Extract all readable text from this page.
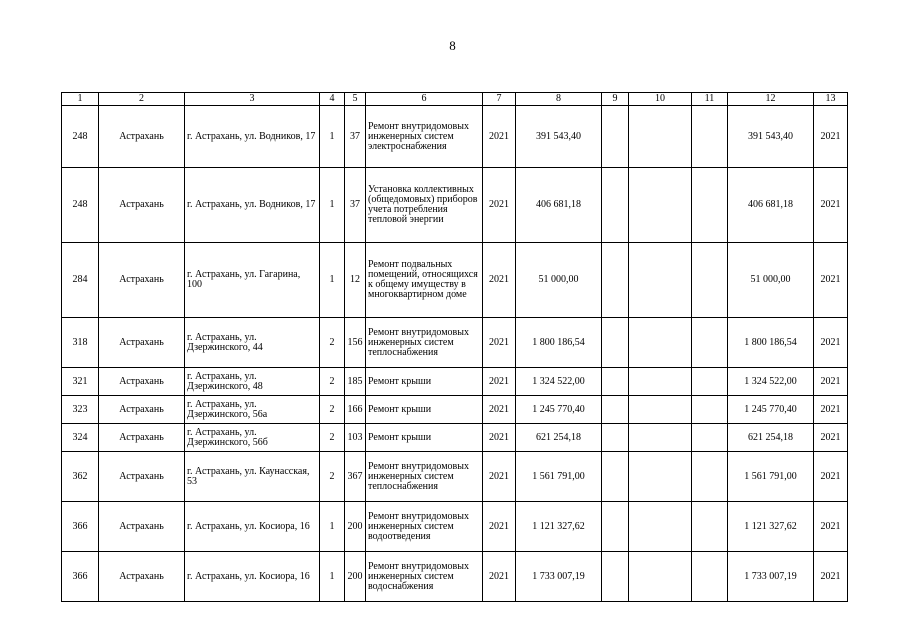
8
1	2	3	4	5	6	7	8	9	10	11	12	13
248	Астрахань	г. Астрахань, ул. Водников, 17	1	37	Ремонт внутридомовых инженерных систем электроснабжения	2021	391 543,40				391 543,40	2021
248	Астрахань	г. Астрахань, ул. Водников, 17	1	37	Установка коллективных (общедомовых) приборов учета потребления тепловой энергии	2021	406 681,18				406 681,18	2021
284	Астрахань	г. Астрахань, ул. Гагарина, 100	1	12	Ремонт подвальных помещений, относящихся к общему имуществу в многоквартирном доме	2021	51 000,00				51 000,00	2021
318	Астрахань	г. Астрахань, ул. Дзержинского, 44	2	156	Ремонт внутридомовых инженерных систем теплоснабжения	2021	1 800 186,54				1 800 186,54	2021
321	Астрахань	г. Астрахань, ул. Дзержинского, 48	2	185	Ремонт крыши	2021	1 324 522,00				1 324 522,00	2021
323	Астрахань	г. Астрахань, ул. Дзержинского, 56а	2	166	Ремонт крыши	2021	1 245 770,40				1 245 770,40	2021
324	Астрахань	г. Астрахань, ул. Дзержинского, 56б	2	103	Ремонт крыши	2021	621 254,18				621 254,18	2021
362	Астрахань	г. Астрахань, ул. Каунасская, 53	2	367	Ремонт внутридомовых инженерных систем теплоснабжения	2021	1 561 791,00				1 561 791,00	2021
366	Астрахань	г. Астрахань, ул. Косиора, 16	1	200	Ремонт внутридомовых инженерных систем водоотведения	2021	1 121 327,62				1 121 327,62	2021
366	Астрахань	г. Астрахань, ул. Косиора, 16	1	200	Ремонт внутридомовых инженерных систем водоснабжения	2021	1 733 007,19				1 733 007,19	2021
